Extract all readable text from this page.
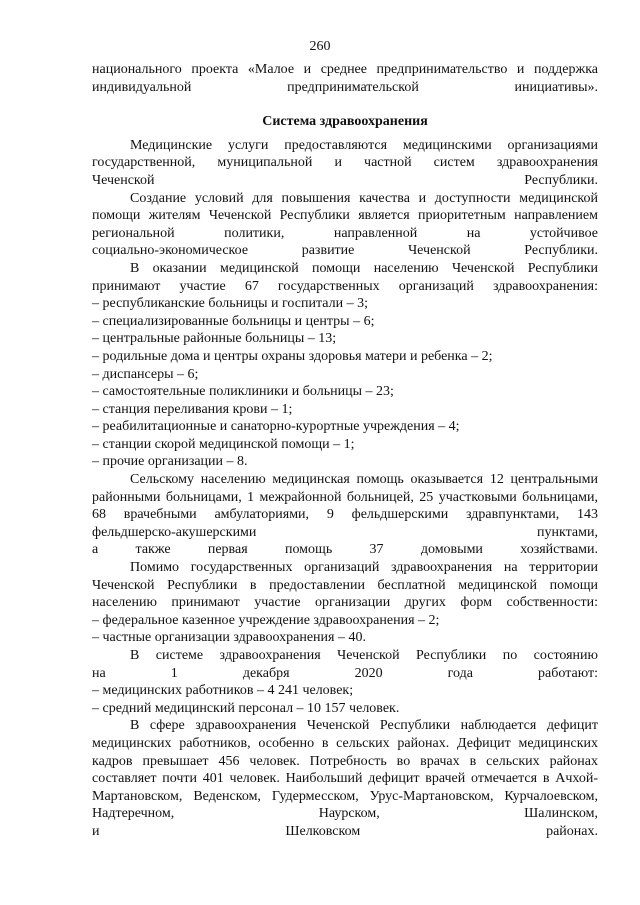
260

национального проекта «Малое и среднее предпринимательство и поддержка
индивидуальной предпринимательской инициативы».

Система здравоохранения

Медицинские услуги предоставляются медицинскими организациями государственной, муниципальной и частной систем здравоохранения
Чеченской Республики.

Создание условий для повышения качества и доступности медицинской помощи жителям Чеченской Республики является приоритетным направлением региональной политики, направленной на устойчивое
социально-экономическое развитие Чеченской Республики.

В оказании медицинской помощи населению Чеченской Республики
принимают участие 67 государственных организаций здравоохранения:

– республиканские больницы и госпитали – 3;

– специализированные больницы и центры – 6;

– центральные районные больницы – 13;

– родильные дома и центры охраны здоровья матери и ребенка – 2;

– диспансеры – 6;

– самостоятельные поликлиники и больницы – 23;

– станция переливания крови – 1;

– реабилитационные и санаторно-курортные учреждения – 4;

– станции скорой медицинской помощи – 1;

– прочие организации – 8.

Сельскому населению медицинская помощь оказывается 12 центральными районными больницами, 1 межрайонной больницей, 25 участковыми больницами, 68 врачебными амбулаториями, 9 фельдшерскими здравпунктами, 143 фельдшерско-акушерскими пунктами,
а также первая помощь 37 домовыми хозяйствами.

Помимо государственных организаций здравоохранения на территории Чеченской Республики в предоставлении бесплатной медицинской помощи
населению принимают участие организации других форм собственности:

– федеральное казенное учреждение здравоохранения – 2;

– частные организации здравоохранения – 40.

В системе здравоохранения Чеченской Республики по состоянию
на 1 декабря 2020 года работают:

– медицинских работников – 4 241 человек;

– средний медицинский персонал – 10 157 человек.

В сфере здравоохранения Чеченской Республики наблюдается дефицит медицинских работников, особенно в сельских районах. Дефицит медицинских кадров превышает 456 человек. Потребность во врачах в сельских районах составляет почти 401 человек. Наибольший дефицит врачей отмечается в Ачхой-Мартановском, Веденском, Гудермесском, Урус-Мартановском, Курчалоевском, Надтеречном, Наурском, Шалинском,
и Шелковском районах.
